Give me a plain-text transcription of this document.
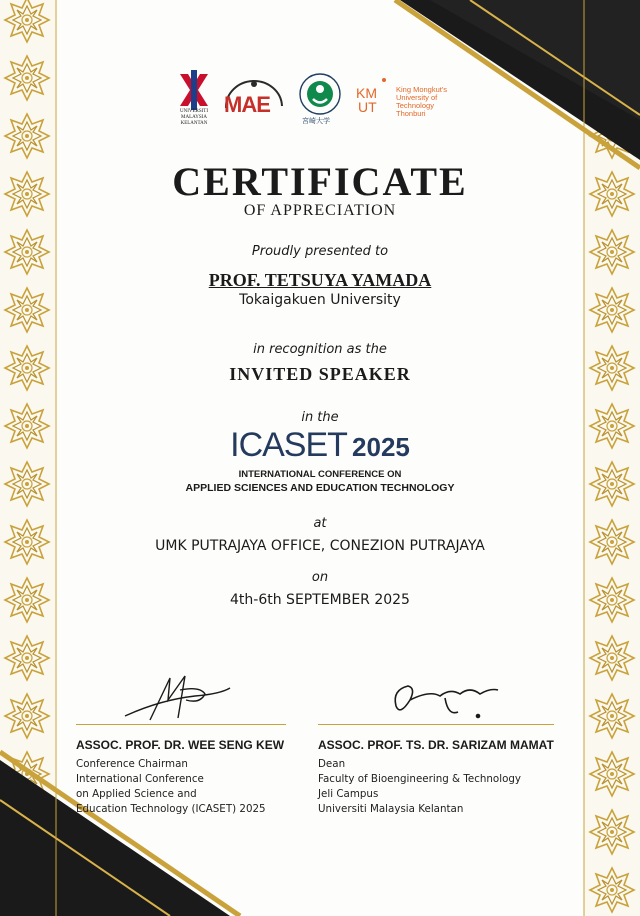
UNIVERSITI
MALAYSIA
KELANTAN
MAE
宮崎大学
KM
UT
King Mongkut's
University of
Technology
Thonburi
CERTIFICATE
OF APPRECIATION
Proudly presented to
PROF. TETSUYA YAMADA
Tokaigakuen University
in recognition as the
INVITED SPEAKER
in the
ICASET 2025
INTERNATIONAL CONFERENCE ON
APPLIED SCIENCES AND EDUCATION TECHNOLOGY
at
UMK PUTRAJAYA OFFICE, CONEZION PUTRAJAYA
on
4th-6th SEPTEMBER 2025
ASSOC. PROF. DR. WEE SENG KEW
Conference Chairman
International Conference
on Applied Science and
Education Technology (ICASET) 2025
ASSOC. PROF. TS. DR. SARIZAM MAMAT
Dean
Faculty of Bioengineering & Technology
Jeli Campus
Universiti Malaysia Kelantan
